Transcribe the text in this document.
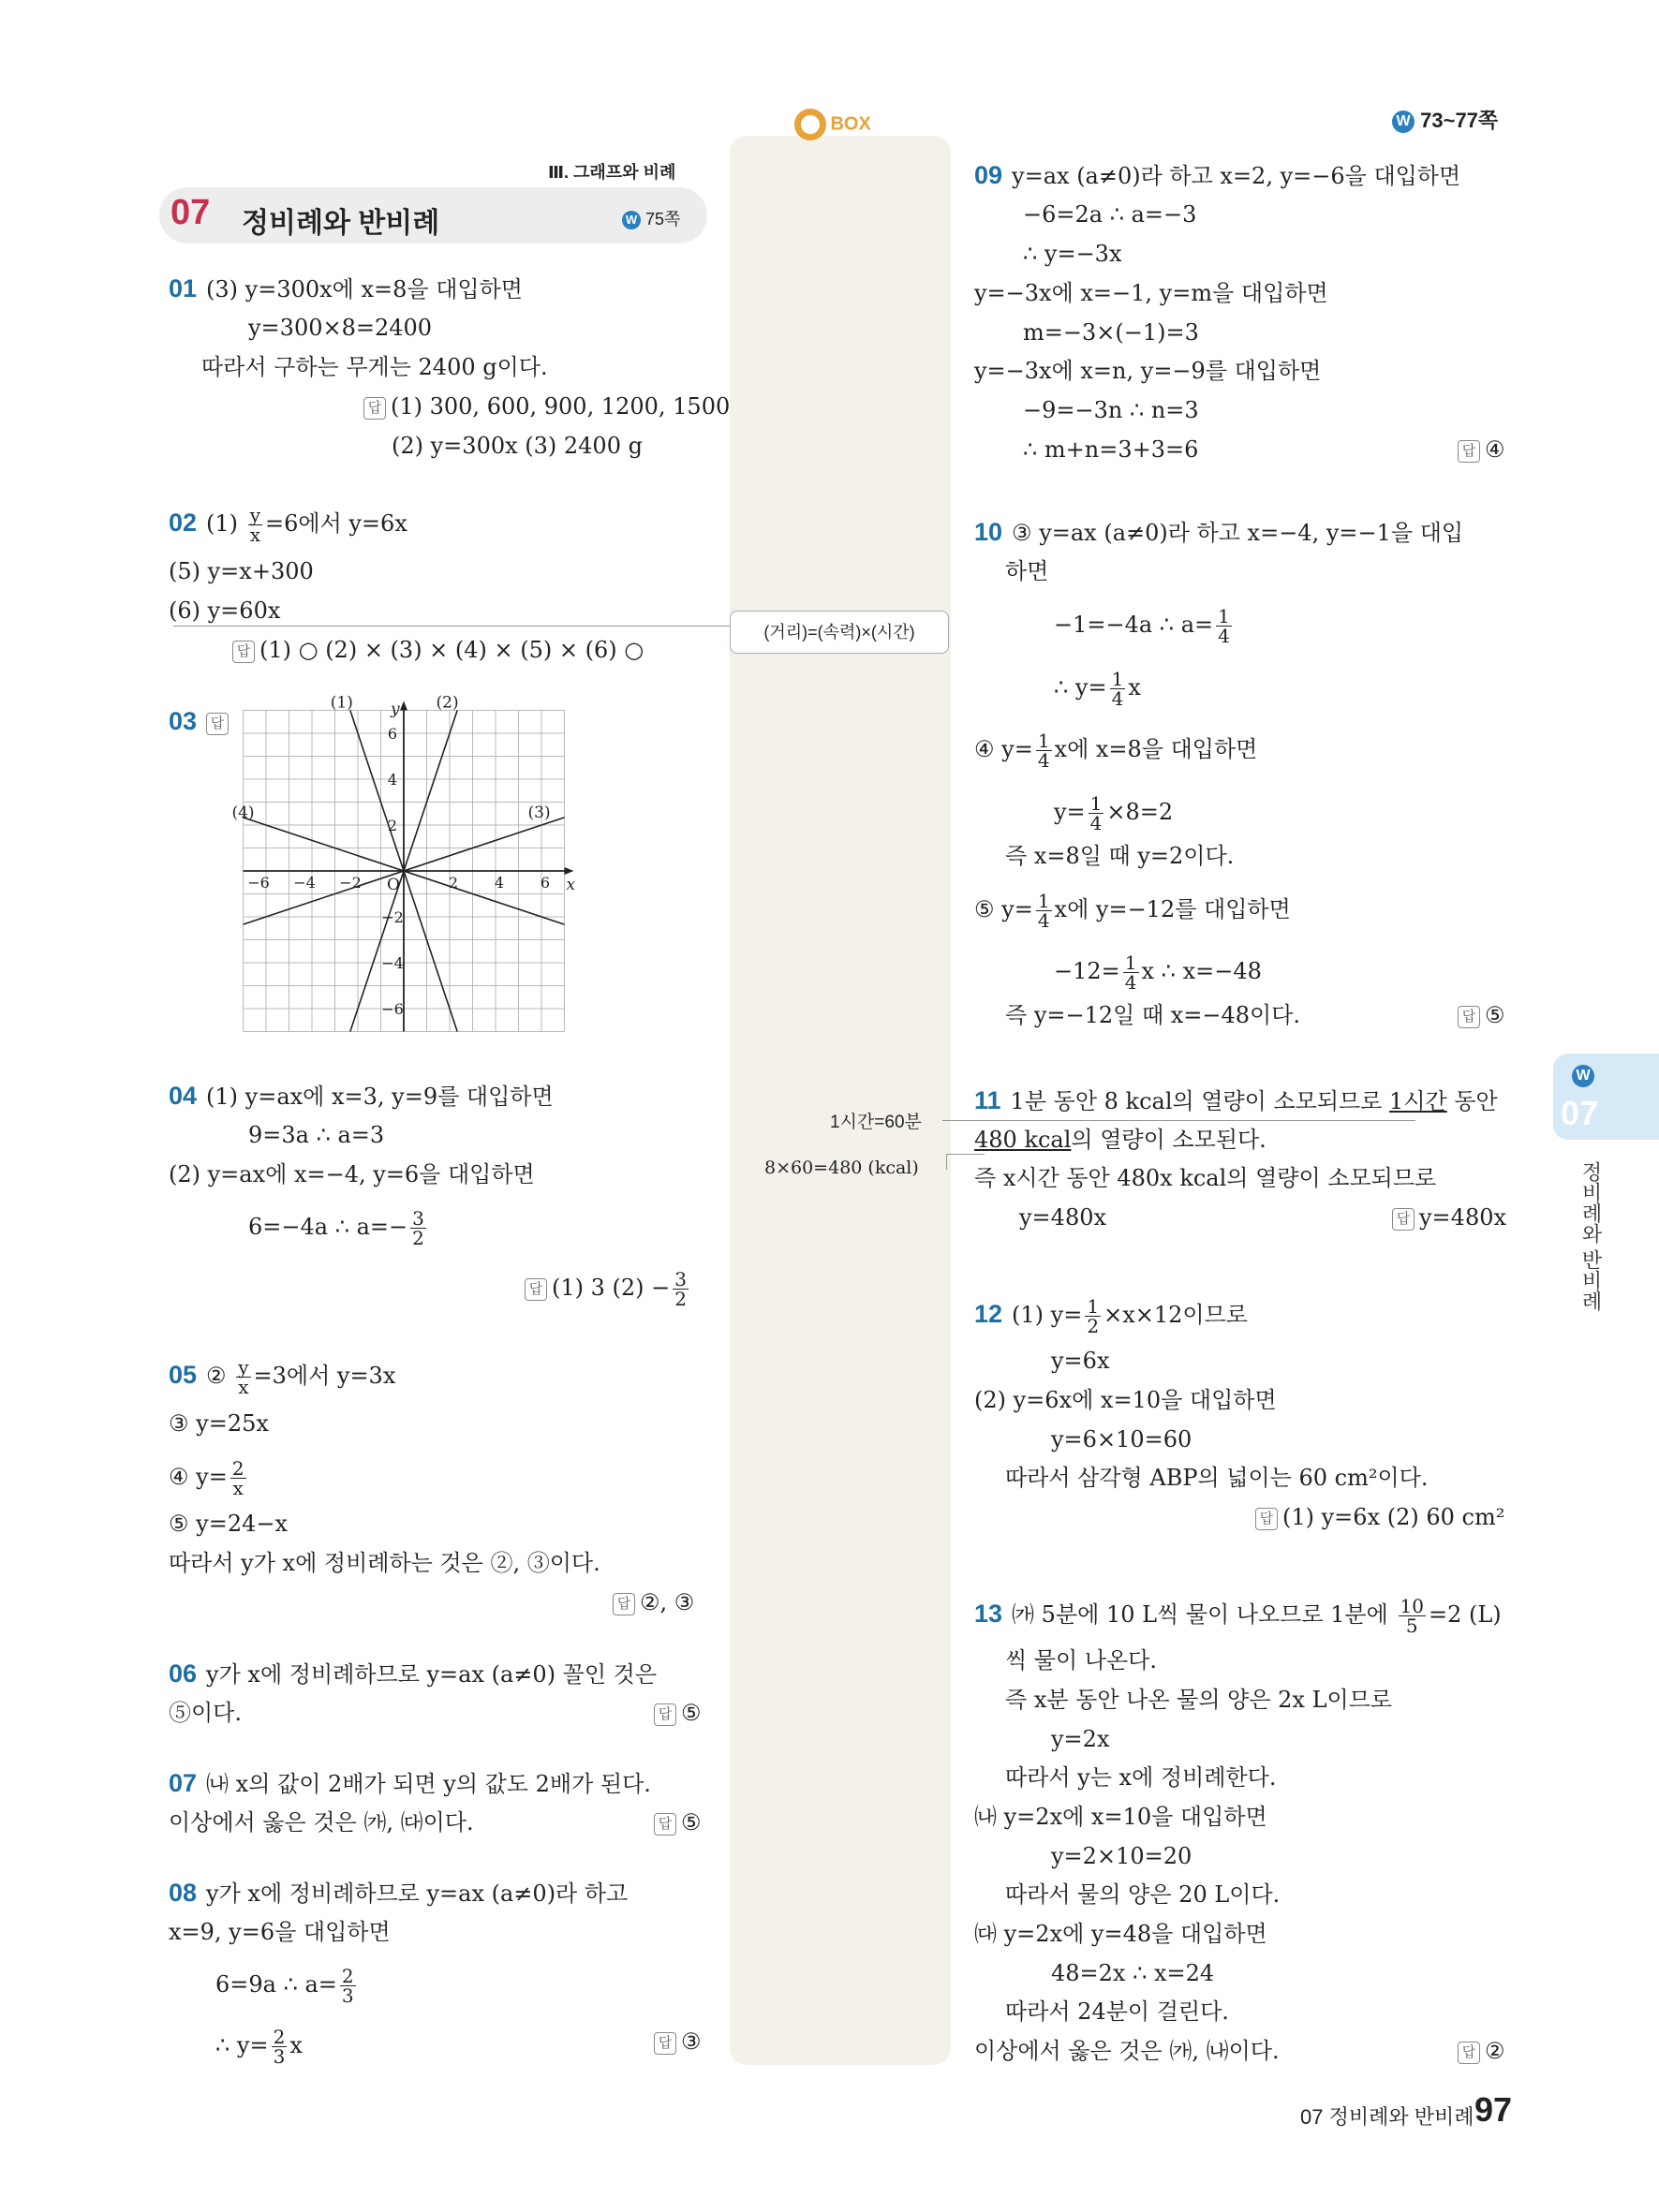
BOX	W 73~77쪽
Ⅲ. 그래프와 비례
07 정비례와 반비례	W 75쪽
01 (3) y=300x에 x=8을 대입하면
y=300×8=2400
따라서 구하는 무게는 2400 g이다.
답 (1) 300, 600, 900, 1200, 1500
(2) y=300x (3) 2400 g
02 $(1) \frac{y}{x} =6$에서 y=6x
(5) y=x+300
(6) y=60x
답 (1) ○ (2) × (3) × (4) × (5) × (6) ○
03 답
−6 −4 −2	2 4 6
6
4
2
−2
−4
−6
O	x
y
(1)	(2)
(3)
(4)
04 (1) y=ax에 x=3, y=9를 대입하면
9=3a ∴ a=3
(2) y=ax에 x=−4, y=6을 대입하면
6=−4a ∴ $a=- \frac{3}{2}$
답 (1) 3 $(2) - \frac{3}{2}$
05 ② $\frac{y}{x} =3$에서 y=3x
③ y=25x
④ $y= \frac{2}{x}$
⑤ y=24−x
따라서 y가 x에 정비례하는 것은 ②, ③이다.
답 ②, ③
06 y가 x에 정비례하므로 y=ax (a≠0) 꼴인 것은
⑤이다.	답 ⑤
07 ㈏ x의 값이 2배가 되면 y의 값도 2배가 된다.
이상에서 옳은 것은 ㈎, ㈐이다.	답 ⑤
08 y가 x에 정비례하므로 y=ax (a≠0)라 하고
x=9, y=6을 대입하면
6=9a ∴ $a= \frac{2}{3}$
∴ $y= \frac{2}{3}$ x	답 ③
(거리)=(속력)×(시간)
1시간=60분
8×60=480 (kcal)
09 y=ax (a≠0)라 하고 x=2, y=−6을 대입하면
−6=2a ∴ a=−3
∴ y=−3x
y=−3x에 x=−1, y=m을 대입하면
m=−3×(−1)=3
y=−3x에 x=n, y=−9를 대입하면
−9=−3n ∴ n=3
∴ m+n=3+3=6	답 ④
10 ③ y=ax (a≠0)라 하고 x=−4, y=−1을 대입
하면
−1=−4a ∴ $a= \frac{1}{4}$
∴ $y= \frac{1}{4}$ x
④ $y= \frac{1}{4}$ x에 x=8을 대입하면
$y= \frac{1}{4} \times 8=2$
즉 x=8일 때 y=2이다.
⑤ $y= \frac{1}{4}$ x에 y=−12를 대입하면
$-12= \frac{1}{4}$ x ∴ x=−48
즉 y=−12일 때 x=−48이다.	답 ⑤
11 1분 동안 8 kcal의 열량이 소모되므로 1시간 동안
480 kcal의 열량이 소모된다.
즉 x시간 동안 480x kcal의 열량이 소모되므로
y=480x	답 y=480x
12 (1) $y= \frac{1}{2} \times x\times 12$이므로
y=6x
(2) y=6x에 x=10을 대입하면
y=6×10=60
따라서 삼각형 ABP의 넓이는 60 cm²이다.
답 (1) y=6x (2) 60 cm²
13 ㈎ 5분에 10 L씩 물이 나오므로 1분에 $\frac{10}{5} =2$ (L)
씩 물이 나온다.
즉 x분 동안 나온 물의 양은 2x L이므로
y=2x
따라서 y는 x에 정비례한다.
㈏ y=2x에 x=10을 대입하면
y=2×10=20
따라서 물의 양은 20 L이다.
㈐ y=2x에 y=48을 대입하면
48=2x ∴ x=24
따라서 24분이 걸린다.
이상에서 옳은 것은 ㈎, ㈏이다.	답 ②
W
07
정비례와 반비례
07 정비례와 반비례 97
